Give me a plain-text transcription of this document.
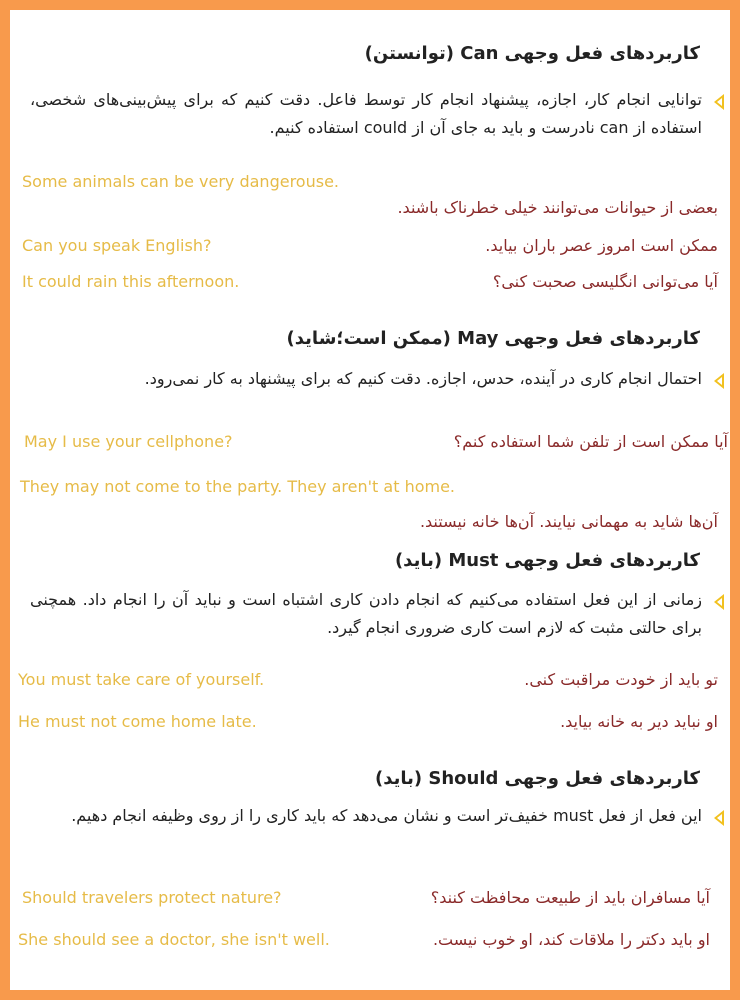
کاربردهای فعل وجهی Can (توانستن)
توانایی انجام کار، اجازه، پیشنهاد انجام کار توسط فاعل. دقت کنیم که برای پیش‌بینی‌های شخصی، استفاده از can نادرست و باید به جای آن از could استفاده کنیم.
Some animals can be very dangerouse.
بعضی از حیوانات می‌توانند خیلی خطرناک باشند.
Can you speak English?	ممکن است امروز عصر باران بیاید.
It could rain this afternoon.	آیا می‌توانی انگلیسی صحبت کنی؟
کاربردهای فعل وجهی May (ممکن است؛شاید)
احتمال انجام کاری در آینده، حدس، اجازه. دقت کنیم که برای پیشنهاد به کار نمی‌رود.
May I use your cellphone?	آیا ممکن است از تلفن شما استفاده کنم؟
They may not come to the party. They aren't at home.
آن‌ها شاید به مهمانی نیایند. آن‌ها خانه نیستند.
کاربردهای فعل وجهی Must (باید)
زمانی از این فعل استفاده می‌کنیم که انجام دادن کاری اشتباه است و نباید آن را انجام داد. همچنی برای حالتی مثبت که لازم است کاری ضروری انجام گیرد.
You must take care of yourself.	تو باید از خودت مراقبت کنی.
He must not come home late.	او نباید دیر به خانه بیاید.
کاربردهای فعل وجهی Should (باید)
این فعل از فعل must خفیف‌تر است و نشان می‌دهد که باید کاری را از روی وظیفه انجام دهیم.
Should travelers protect nature?	آیا مسافران باید از طبیعت محافظت کنند؟
She should see a doctor, she isn't well.	او باید دکتر را ملاقات کند، او خوب نیست.
